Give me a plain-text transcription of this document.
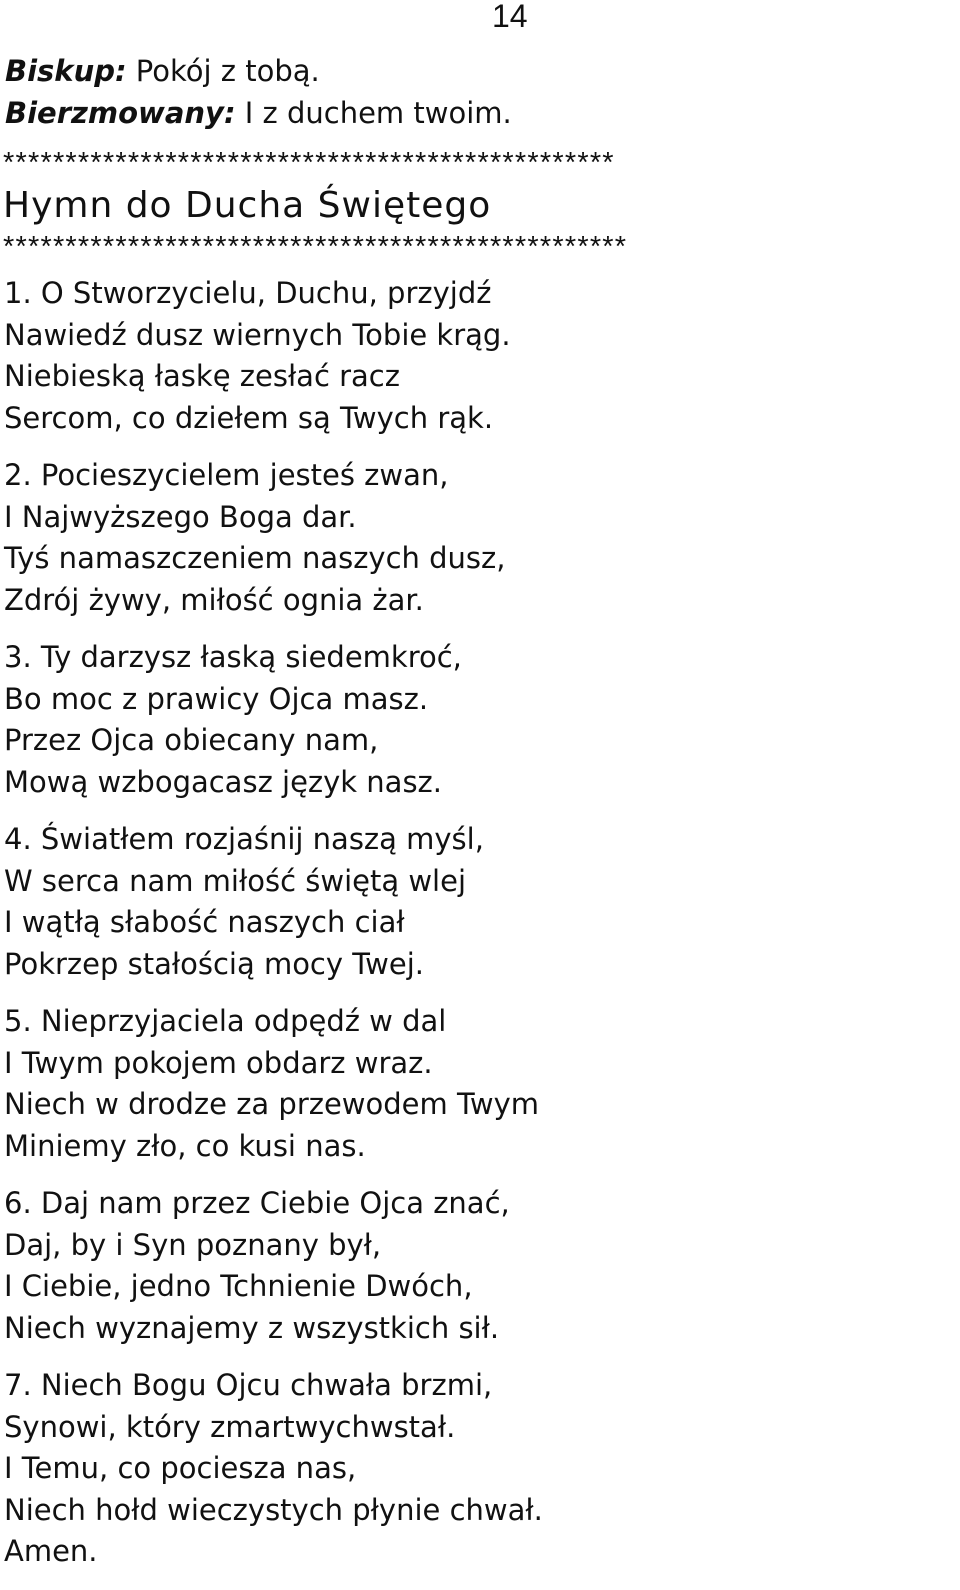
14
Biskup: Pokój z tobą.
Bierzmowany: I z duchem twoim.
*************************************************
Hymn do Ducha Świętego
**************************************************
1. O Stworzycielu, Duchu, przyjdź
Nawiedź dusz wiernych Tobie krąg.
Niebieską łaskę zesłać racz
Sercom, co dziełem są Twych rąk.
2. Pocieszycielem jesteś zwan,
I Najwyższego Boga dar.
Tyś namaszczeniem naszych dusz,
Zdrój żywy, miłość ognia żar.
3. Ty darzysz łaską siedemkroć,
Bo moc z prawicy Ojca masz.
Przez Ojca obiecany nam,
Mową wzbogacasz język nasz.
4. Światłem rozjaśnij naszą myśl,
W serca nam miłość świętą wlej
I wątłą słabość naszych ciał
Pokrzep stałością mocy Twej.
5. Nieprzyjaciela odpędź w dal
I Twym pokojem obdarz wraz.
Niech w drodze za przewodem Twym
Miniemy zło, co kusi nas.
6. Daj nam przez Ciebie Ojca znać,
Daj, by i Syn poznany był,
I Ciebie, jedno Tchnienie Dwóch,
Niech wyznajemy z wszystkich sił.
7. Niech Bogu Ojcu chwała brzmi,
Synowi, który zmartwychwstał.
I Temu, co pociesza nas,
Niech hołd wieczystych płynie chwał.
Amen.
